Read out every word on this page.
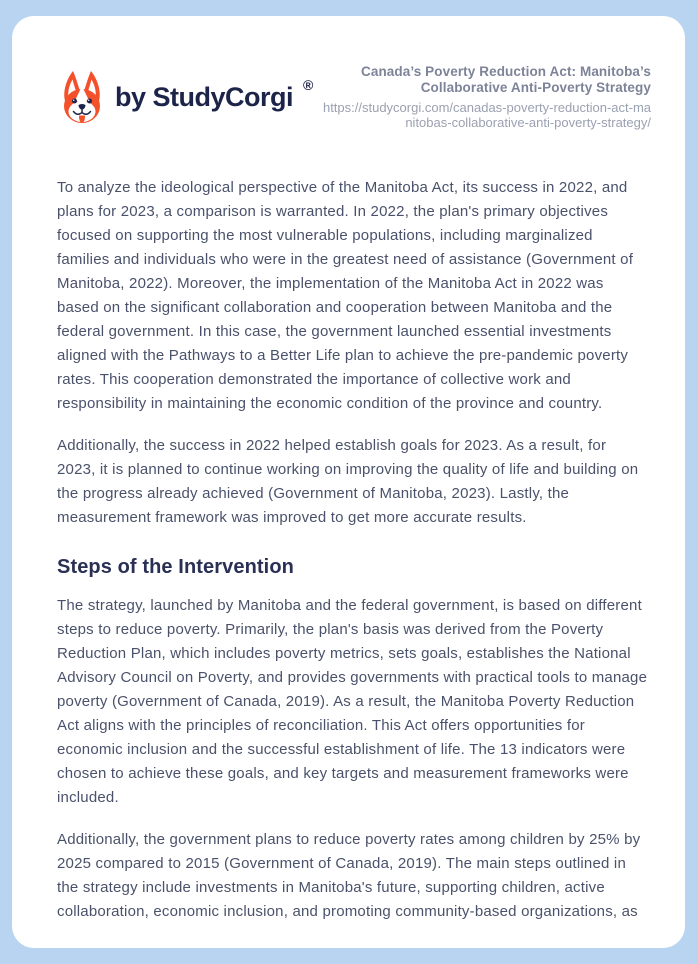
by StudyCorgi ®
Canada’s Poverty Reduction Act: Manitoba’s Collaborative Anti-Poverty Strategy
https://studycorgi.com/canadas-poverty-reduction-act-manitobas-collaborative-anti-poverty-strategy/

To analyze the ideological perspective of the Manitoba Act, its success in 2022, and plans for 2023, a comparison is warranted. In 2022, the plan's primary objectives focused on supporting the most vulnerable populations, including marginalized families and individuals who were in the greatest need of assistance (Government of Manitoba, 2022). Moreover, the implementation of the Manitoba Act in 2022 was based on the significant collaboration and cooperation between Manitoba and the federal government. In this case, the government launched essential investments aligned with the Pathways to a Better Life plan to achieve the pre-pandemic poverty rates. This cooperation demonstrated the importance of collective work and responsibility in maintaining the economic condition of the province and country.

Additionally, the success in 2022 helped establish goals for 2023. As a result, for 2023, it is planned to continue working on improving the quality of life and building on the progress already achieved (Government of Manitoba, 2023). Lastly, the measurement framework was improved to get more accurate results.

Steps of the Intervention

The strategy, launched by Manitoba and the federal government, is based on different steps to reduce poverty. Primarily, the plan's basis was derived from the Poverty Reduction Plan, which includes poverty metrics, sets goals, establishes the National Advisory Council on Poverty, and provides governments with practical tools to manage poverty (Government of Canada, 2019). As a result, the Manitoba Poverty Reduction Act aligns with the principles of reconciliation. This Act offers opportunities for economic inclusion and the successful establishment of life. The 13 indicators were chosen to achieve these goals, and key targets and measurement frameworks were included.

Additionally, the government plans to reduce poverty rates among children by 25% by 2025 compared to 2015 (Government of Canada, 2019). The main steps outlined in the strategy include investments in Manitoba's future, supporting children, active collaboration, economic inclusion, and promoting community-based organizations, as
